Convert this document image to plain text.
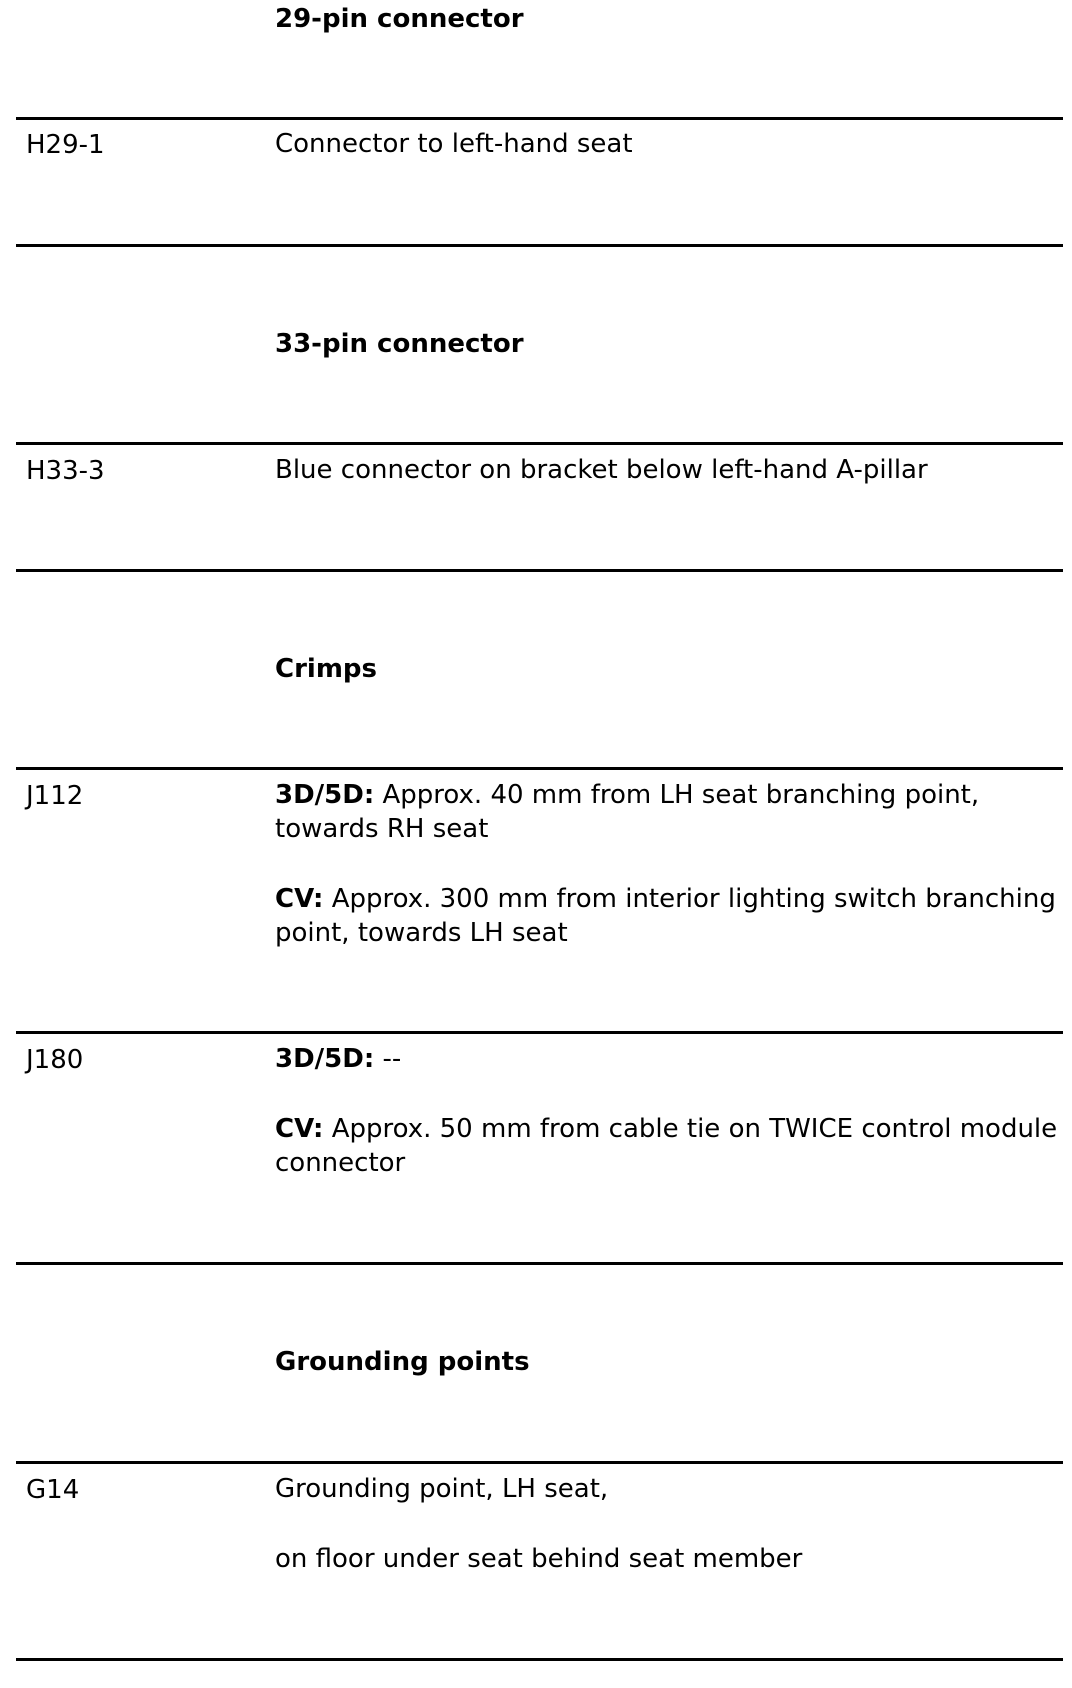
29-pin connector
H29-1	Connector to left-hand seat
33-pin connector
H33-3	Blue connector on bracket below left-hand A-pillar
Crimps
J112	3D/5D: Approx. 40 mm from LH seat branching point, towards RH seat
CV: Approx. 300 mm from interior lighting switch branching point, towards LH seat
J180	3D/5D: --
CV: Approx. 50 mm from cable tie on TWICE control module connector
Grounding points
G14	Grounding point, LH seat,
on floor under seat behind seat member
